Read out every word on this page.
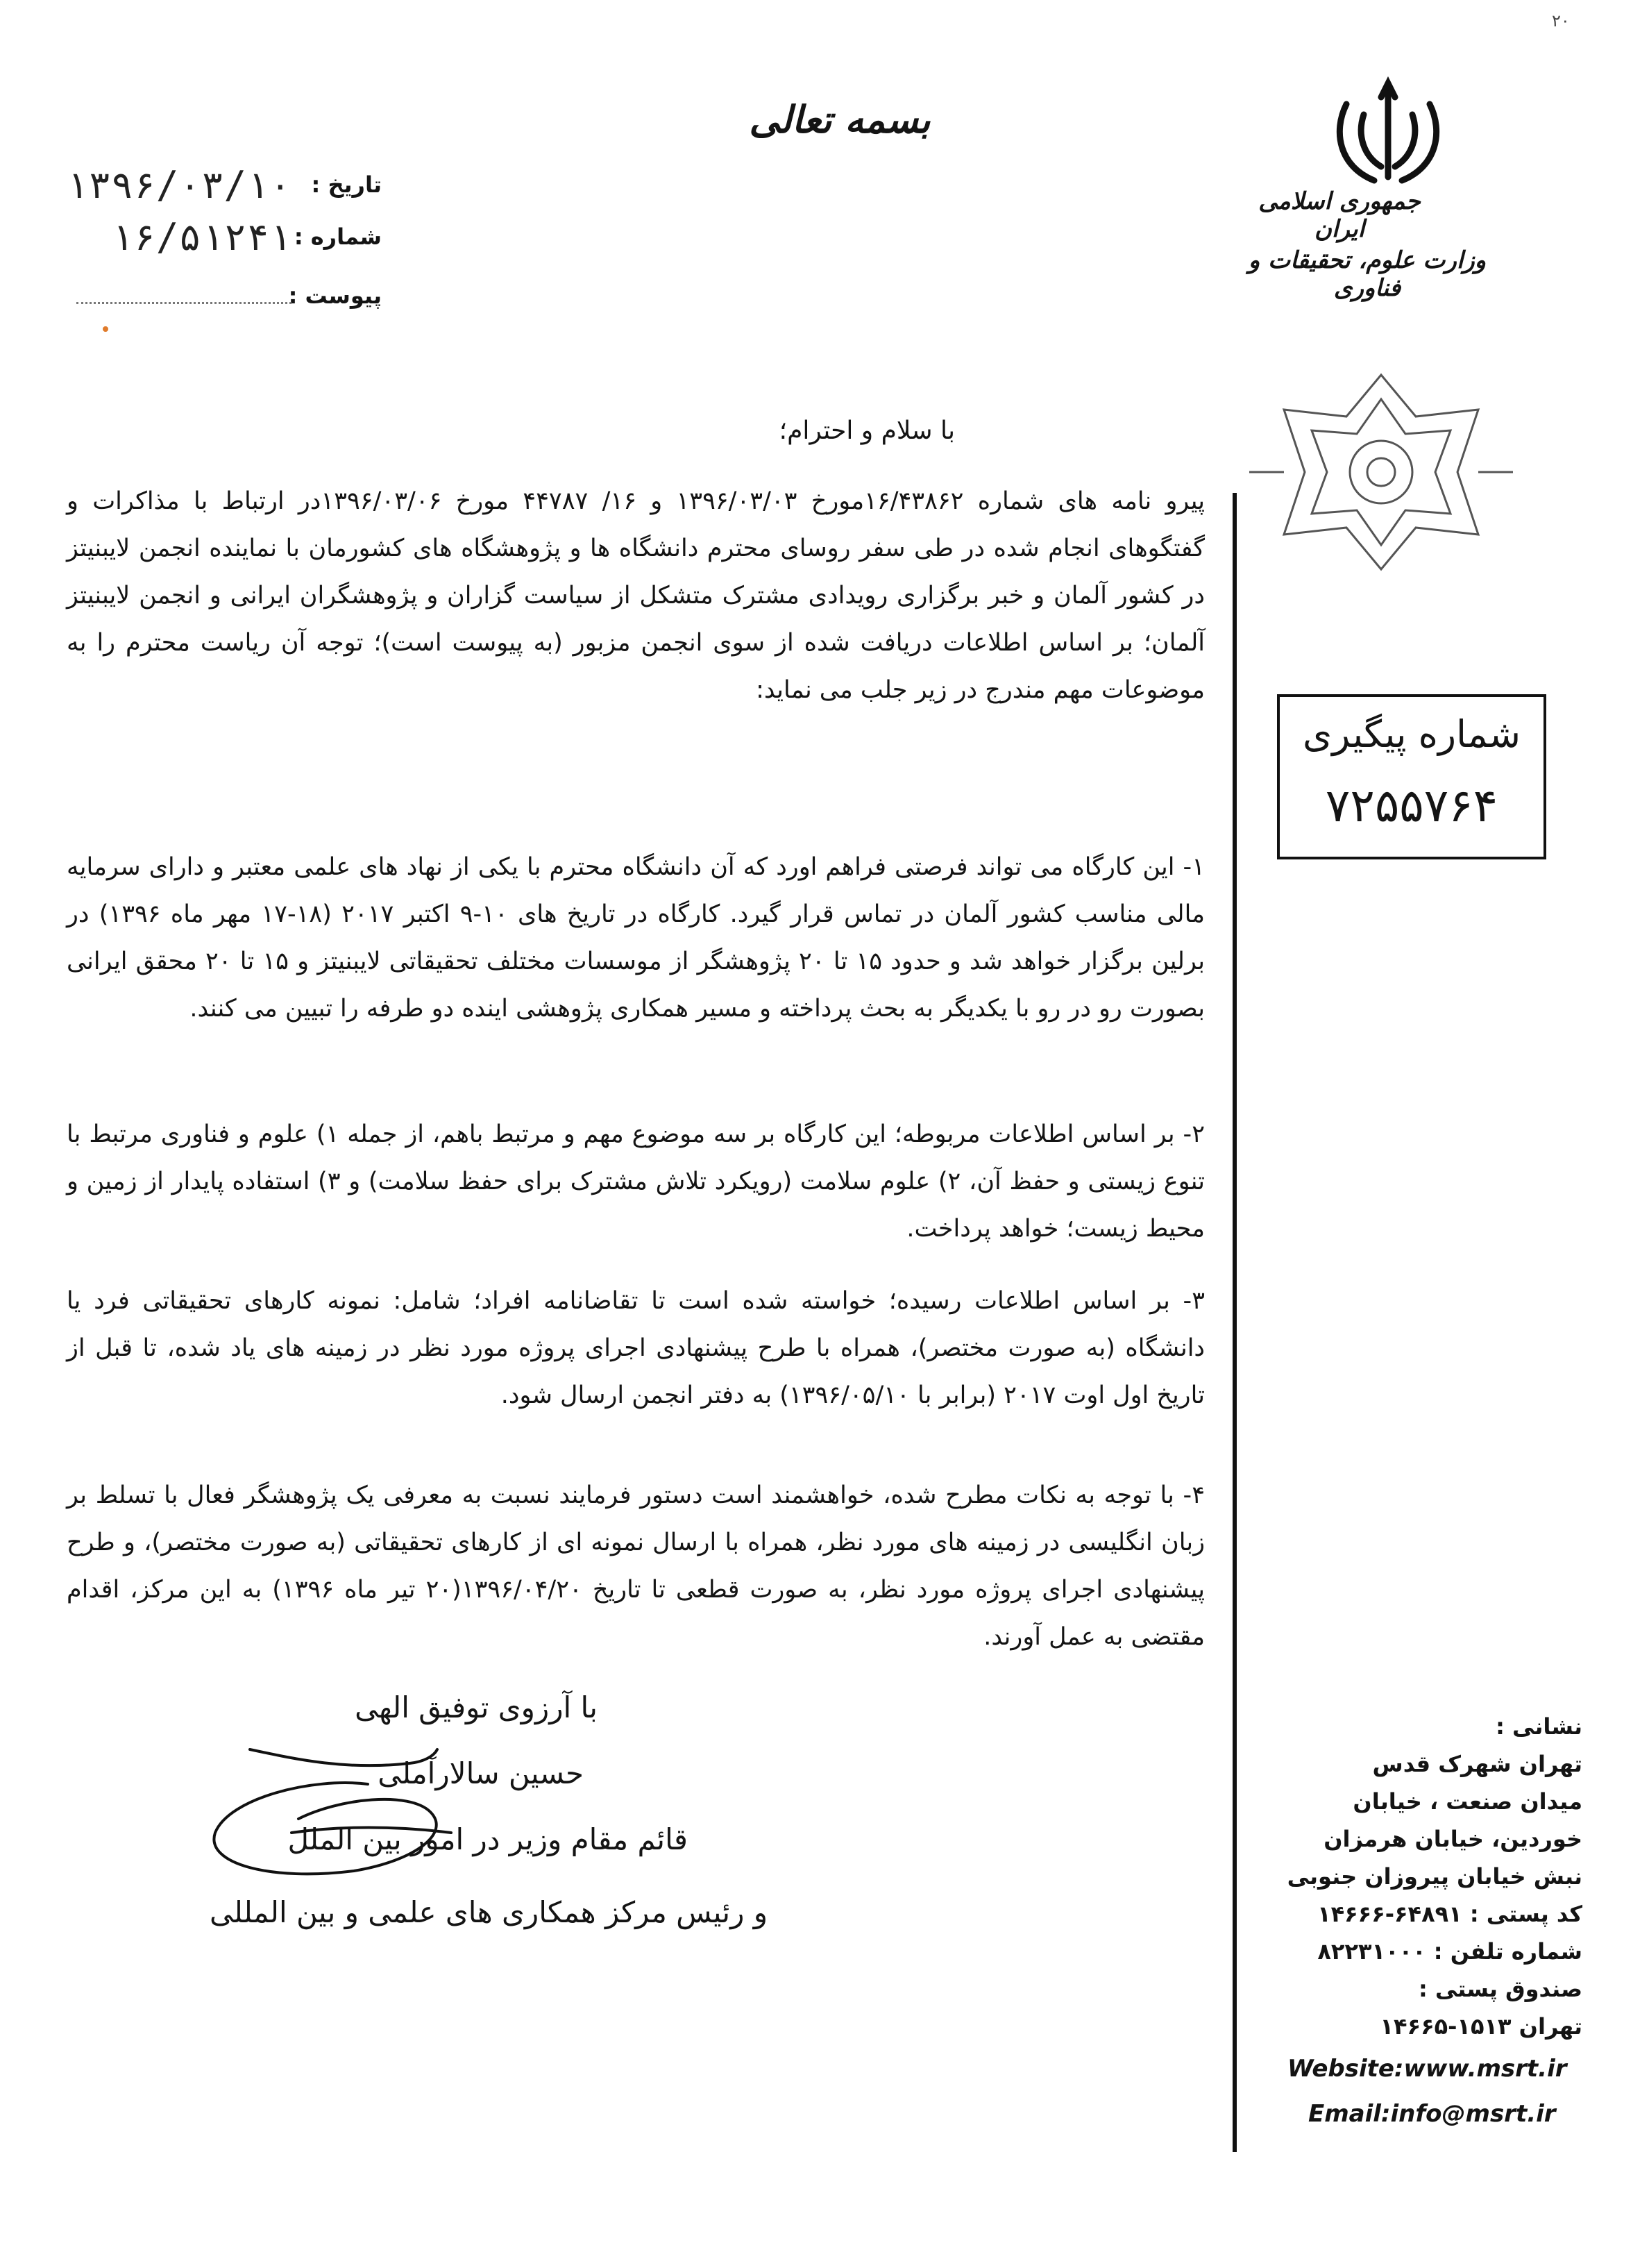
۲۰
بسمه تعالی
جمهوری اسلامی ایران
وزارت علوم، تحقیقات و فناوری
تاریخ :
۱۳۹۶/۰۳/۱۰
شماره :
۱۶/۵۱۲۴۱
پیوست :
شماره پیگیری
۷۲۵۵۷۶۴
با سلام و احترام؛
پیرو نامه های شماره ۱۶/۴۳۸۶۲مورخ ۱۳۹۶/۰۳/۰۳ و ۱۶/ ۴۴۷۸۷ مورخ ۱۳۹۶/۰۳/۰۶در ارتباط با مذاکرات و گفتگوهای انجام شده در طی سفر روسای محترم دانشگاه ها و پژوهشگاه های کشورمان با نماینده انجمن لایبنیتز در کشور آلمان و خبر برگزاری رویدادی مشترک متشکل از سیاست گزاران و پژوهشگران ایرانی و انجمن لایبنیتز آلمان؛ بر اساس اطلاعات دریافت شده از سوی انجمن مزبور (به پیوست است)؛ توجه آن ریاست محترم را به موضوعات مهم مندرج در زیر جلب می نماید:
۱- این کارگاه می تواند فرصتی فراهم اورد که آن دانشگاه محترم با یکی از نهاد های علمی معتبر و دارای سرمایه مالی مناسب کشور آلمان در تماس قرار گیرد. کارگاه در تاریخ های ۱۰-۹ اکتبر ۲۰۱۷ (۱۸-۱۷ مهر ماه ۱۳۹۶) در برلین برگزار خواهد شد و حدود ۱۵ تا ۲۰ پژوهشگر از موسسات مختلف تحقیقاتی لایبنیتز و ۱۵ تا ۲۰ محقق ایرانی بصورت رو در رو با یکدیگر به بحث پرداخته و مسیر همکاری پژوهشی اینده دو طرفه را تبیین می کنند.
۲- بر اساس اطلاعات مربوطه؛ این کارگاه بر سه موضوع مهم و مرتبط باهم، از جمله ۱) علوم و فناوری مرتبط با تنوع زیستی و حفظ آن، ۲) علوم سلامت (رویکرد تلاش مشترک برای حفظ سلامت) و ۳) استفاده پایدار از زمین و محیط زیست؛ خواهد پرداخت.
۳- بر اساس اطلاعات رسیده؛ خواسته شده است تا تقاضانامه افراد؛ شامل: نمونه کارهای تحقیقاتی فرد یا دانشگاه (به صورت مختصر)، همراه با طرح پیشنهادی اجرای پروژه مورد نظر در زمینه های یاد شده، تا قبل از تاریخ اول اوت ۲۰۱۷ (برابر با ۱۳۹۶/۰۵/۱۰) به دفتر انجمن ارسال شود.
۴- با توجه به نکات مطرح شده، خواهشمند است دستور فرمایند نسبت به معرفی یک پژوهشگر فعال با تسلط بر زبان انگلیسی در زمینه های مورد نظر، همراه با ارسال نمونه ای از کارهای تحقیقاتی (به صورت مختصر)، و طرح پیشنهادی اجرای پروژه مورد نظر، به صورت قطعی تا تاریخ ۱۳۹۶/۰۴/۲۰(۲۰ تیر ماه ۱۳۹۶) به این مرکز، اقدام مقتضی به عمل آورند.
با آرزوی توفیق الهی
حسین سالارآملی
قائم مقام وزیر در امور بین الملل
و رئیس مرکز همکاری های علمی و بین المللی
نشانی :
تهران شهرک قدس
میدان صنعت ، خیابان
خوردین، خیابان هرمزان
نبش خیابان پیروزان جنوبی
کد پستی : ۶۴۸۹۱-۱۴۶۶۶
شماره تلفن : ۸۲۲۳۱۰۰۰
صندوق پستی :
تهران ۱۵۱۳-۱۴۶۶۵
Website:www.msrt.ir
Email:info@msrt.ir
